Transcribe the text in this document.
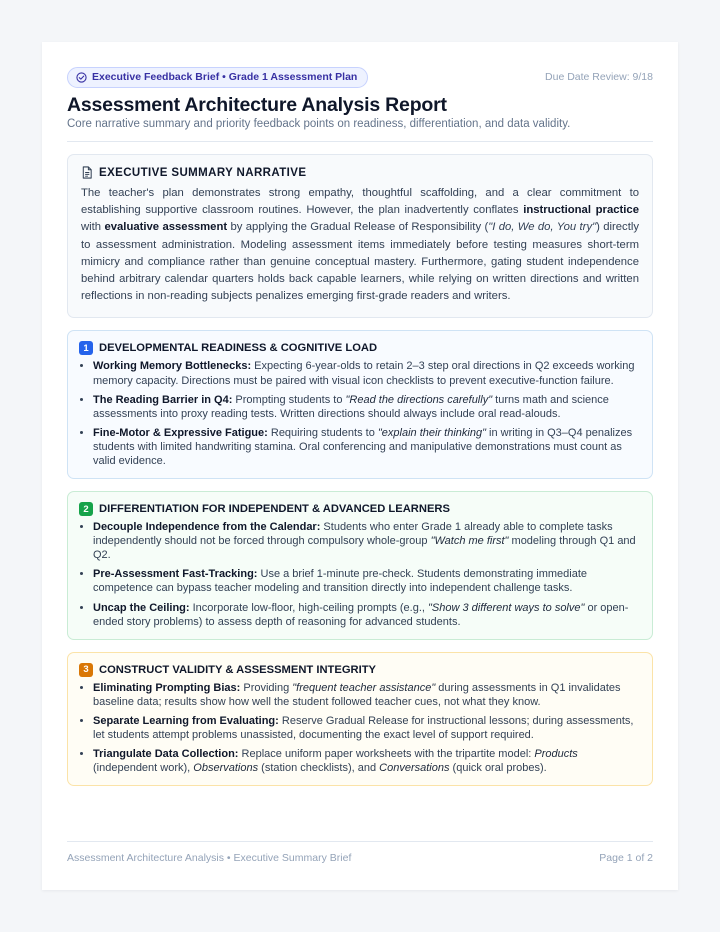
Executive Feedback Brief • Grade 1 Assessment Plan	Due Date Review: 9/18
Assessment Architecture Analysis Report
Core narrative summary and priority feedback points on readiness, differentiation, and data validity.
EXECUTIVE SUMMARY NARRATIVE

The teacher's plan demonstrates strong empathy, thoughtful scaffolding, and a clear commitment to establishing supportive classroom routines. However, the plan inadvertently conflates instructional practice with evaluative assessment by applying the Gradual Release of Responsibility ("I do, We do, You try") directly to assessment administration. Modeling assessment items immediately before testing measures short-term mimicry and compliance rather than genuine conceptual mastery. Furthermore, gating student independence behind arbitrary calendar quarters holds back capable learners, while relying on written directions and written reflections in non-reading subjects penalizes emerging first-grade readers and writers.

1 DEVELOPMENTAL READINESS & COGNITIVE LOAD
• Working Memory Bottlenecks: Expecting 6-year-olds to retain 2–3 step oral directions in Q2 exceeds working memory capacity. Directions must be paired with visual icon checklists to prevent executive-function failure.
• The Reading Barrier in Q4: Prompting students to "Read the directions carefully" turns math and science assessments into proxy reading tests. Written directions should always include oral read-alouds.
• Fine-Motor & Expressive Fatigue: Requiring students to "explain their thinking" in writing in Q3–Q4 penalizes students with limited handwriting stamina. Oral conferencing and manipulative demonstrations must count as valid evidence.
2 DIFFERENTIATION FOR INDEPENDENT & ADVANCED LEARNERS
• Decouple Independence from the Calendar: Students who enter Grade 1 already able to complete tasks independently should not be forced through compulsory whole-group "Watch me first" modeling through Q1 and Q2.
• Pre-Assessment Fast-Tracking: Use a brief 1-minute pre-check. Students demonstrating immediate competence can bypass teacher modeling and transition directly into independent challenge tasks.
• Uncap the Ceiling: Incorporate low-floor, high-ceiling prompts (e.g., "Show 3 different ways to solve" or open-ended story problems) to assess depth of reasoning for advanced students.
3 CONSTRUCT VALIDITY & ASSESSMENT INTEGRITY
• Eliminating Prompting Bias: Providing "frequent teacher assistance" during assessments in Q1 invalidates baseline data; results show how well the student followed teacher cues, not what they know.
• Separate Learning from Evaluating: Reserve Gradual Release for instructional lessons; during assessments, let students attempt problems unassisted, documenting the exact level of support required.
• Triangulate Data Collection: Replace uniform paper worksheets with the tripartite model: Products (independent work), Observations (station checklists), and Conversations (quick oral probes).
Assessment Architecture Analysis • Executive Summary Brief	Page 1 of 2
